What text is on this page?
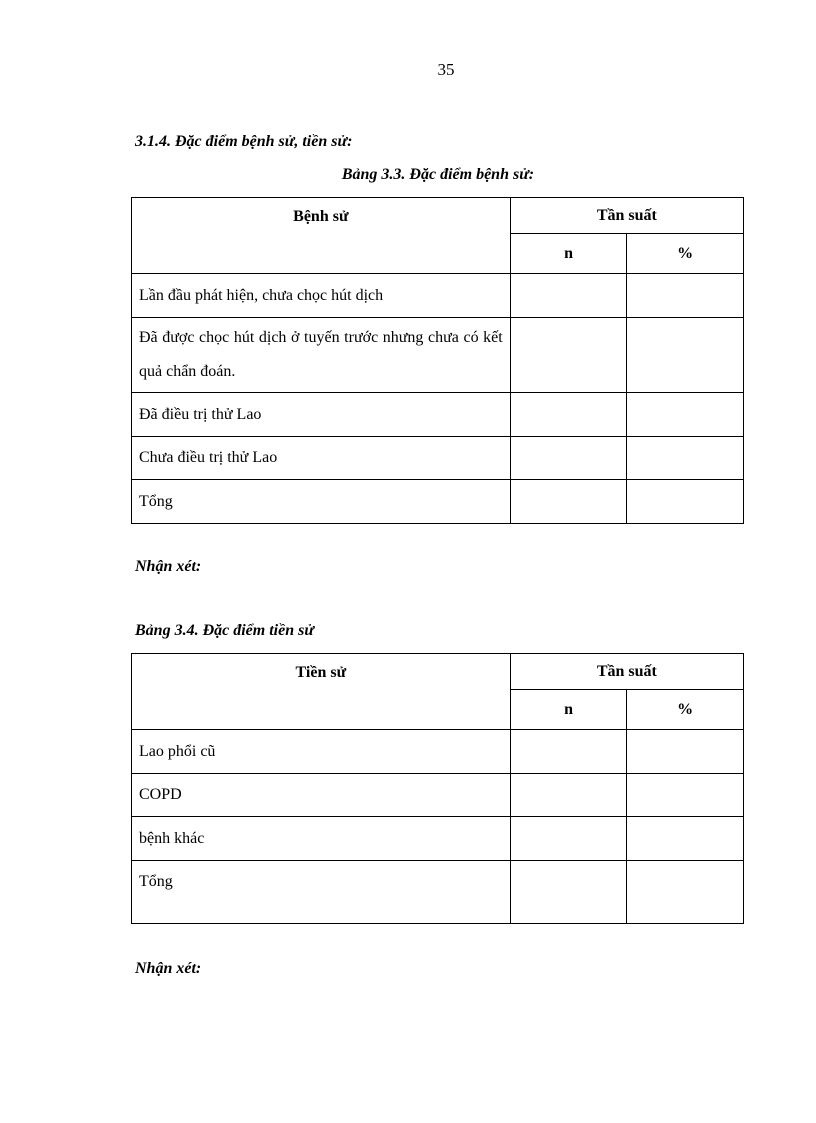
35
3.1.4. Đặc điểm bệnh sử, tiền sử:
Bảng 3.3. Đặc điểm bệnh sử:
Bệnh sử	Tần suất	
	n	%
Lần đầu phát hiện, chưa chọc hút dịch		
Đã được chọc hút dịch ở tuyến trước nhưng chưa có kết quả chẩn đoán.		
Đã điều trị thử Lao		
Chưa điều trị thử Lao		
Tổng		
Nhận xét:
Bảng 3.4. Đặc điểm tiền sử
Tiền sử	Tần suất	
	n	%
Lao phổi cũ		
COPD		
bệnh khác		
Tổng		
Nhận xét:
